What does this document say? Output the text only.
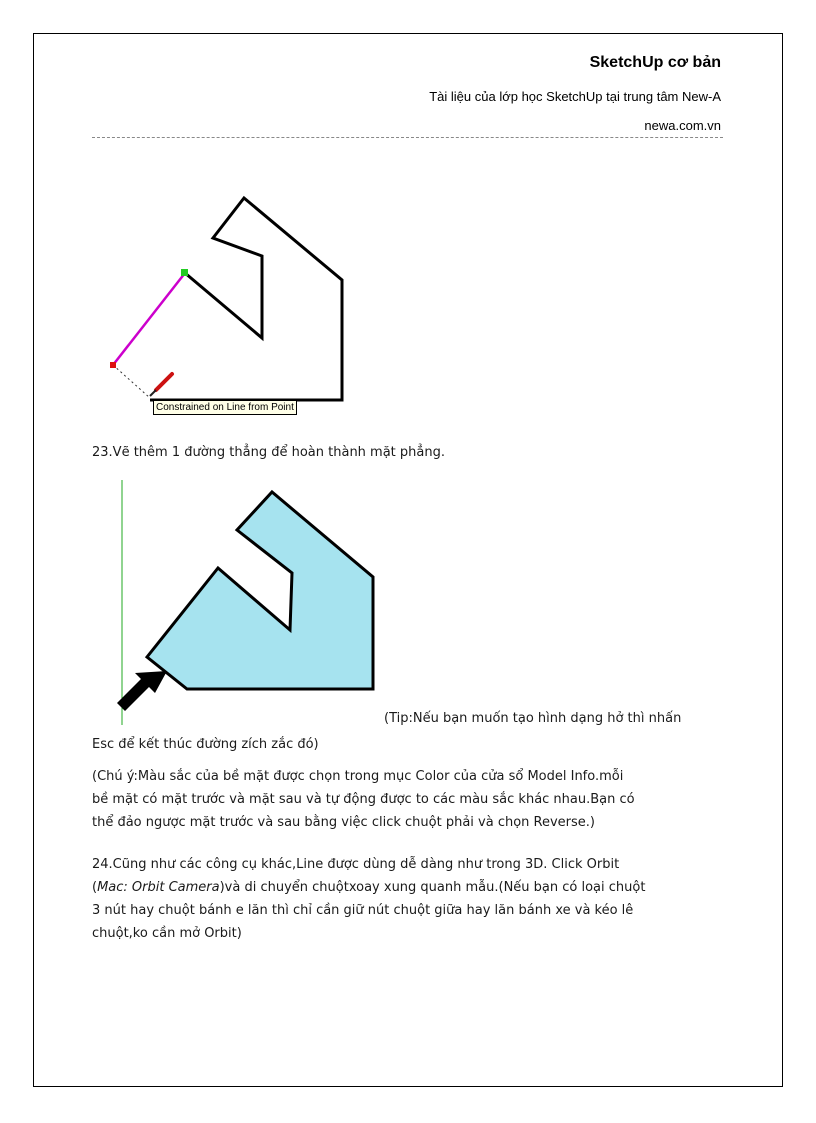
SketchUp cơ bản
Tài liệu của lớp học SketchUp tại trung tâm New-A
newa.com.vn
Constrained on Line from Point
23.Vẽ thêm 1 đường thẳng để hoàn thành mặt phẳng.
(Tip:Nếu bạn muốn tạo hình dạng hở thì nhấn
Esc để kết thúc đường zích zắc đó)
(Chú ý:Màu sắc của bề mặt được chọn trong mục Color của cửa sổ Model Info.mỗi
bề mặt có mặt trước và mặt sau và tự động được to các màu sắc khác nhau.Bạn có
thể đảo ngược mặt trước và sau bằng việc click chuột phải và chọn Reverse.)
24.Cũng như các công cụ khác,Line được dùng dễ dàng như trong 3D. Click Orbit
(Mac: Orbit Camera)và di chuyển chuộtxoay xung quanh mẫu.(Nếu bạn có loại chuột
3 nút hay chuột bánh e lăn thì chỉ cần giữ nút chuột giữa hay lăn bánh xe và kéo lê
chuột,ko cần mở Orbit)
